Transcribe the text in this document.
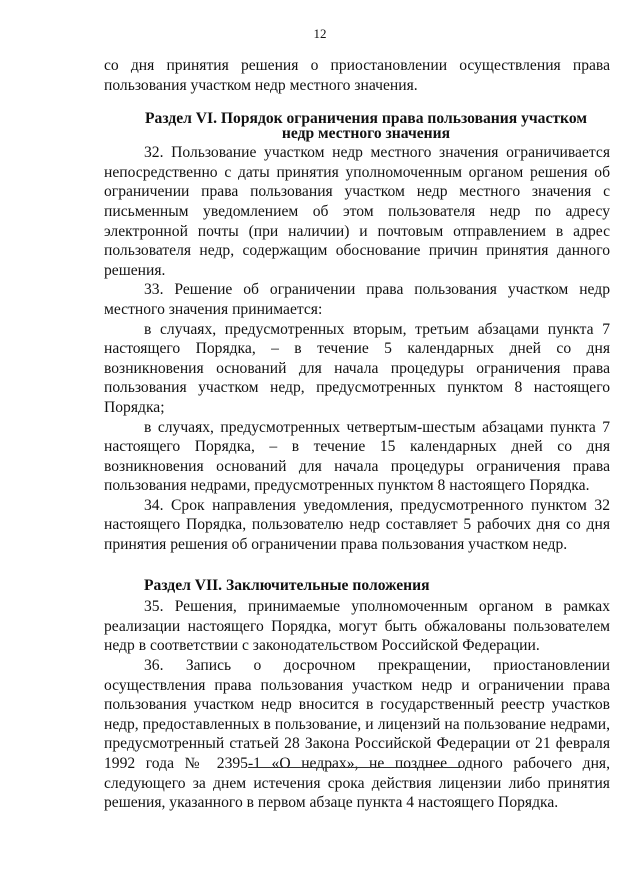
12

со дня принятия решения о приостановлении осуществления права пользования участком недр местного значения.

Раздел VI. Порядок ограничения права пользования участком
недр местного значения

32. Пользование участком недр местного значения ограничивается непосредственно с даты принятия уполномоченным органом решения об ограничении права пользования участком недр местного значения с письменным уведомлением об этом пользователя недр по адресу электронной почты (при наличии) и почтовым отправлением в адрес пользователя недр, содержащим обоснование причин принятия данного решения.

33. Решение об ограничении права пользования участком недр местного значения принимается:

в случаях, предусмотренных вторым, третьим абзацами пункта 7 настоящего Порядка, – в течение 5 календарных дней со дня возникновения оснований для начала процедуры ограничения права пользования участком недр, предусмотренных пунктом 8 настоящего Порядка;

в случаях, предусмотренных четвертым-шестым абзацами пункта 7 настоящего Порядка, – в течение 15 календарных дней со дня возникновения оснований для начала процедуры ограничения права пользования недрами, предусмотренных пунктом 8 настоящего Порядка.

34. Срок направления уведомления, предусмотренного пунктом 32 настоящего Порядка, пользователю недр составляет 5 рабочих дня со дня принятия решения об ограничении права пользования участком недр.

Раздел VII. Заключительные положения

35. Решения, принимаемые уполномоченным органом в рамках реализации настоящего Порядка, могут быть обжалованы пользователем недр в соответствии с законодательством Российской Федерации.

36. Запись о досрочном прекращении, приостановлении осуществления права пользования участком недр и ограничении права пользования участком недр вносится в государственный реестр участков недр, предоставленных в пользование, и лицензий на пользование недрами, предусмотренный статьей 28 Закона Российской Федерации от 21 февраля 1992 года № 2395-1 «О недрах», не позднее одного рабочего дня, следующего за днем истечения срока действия лицензии либо принятия решения, указанного в первом абзаце пункта 4 настоящего Порядка.
